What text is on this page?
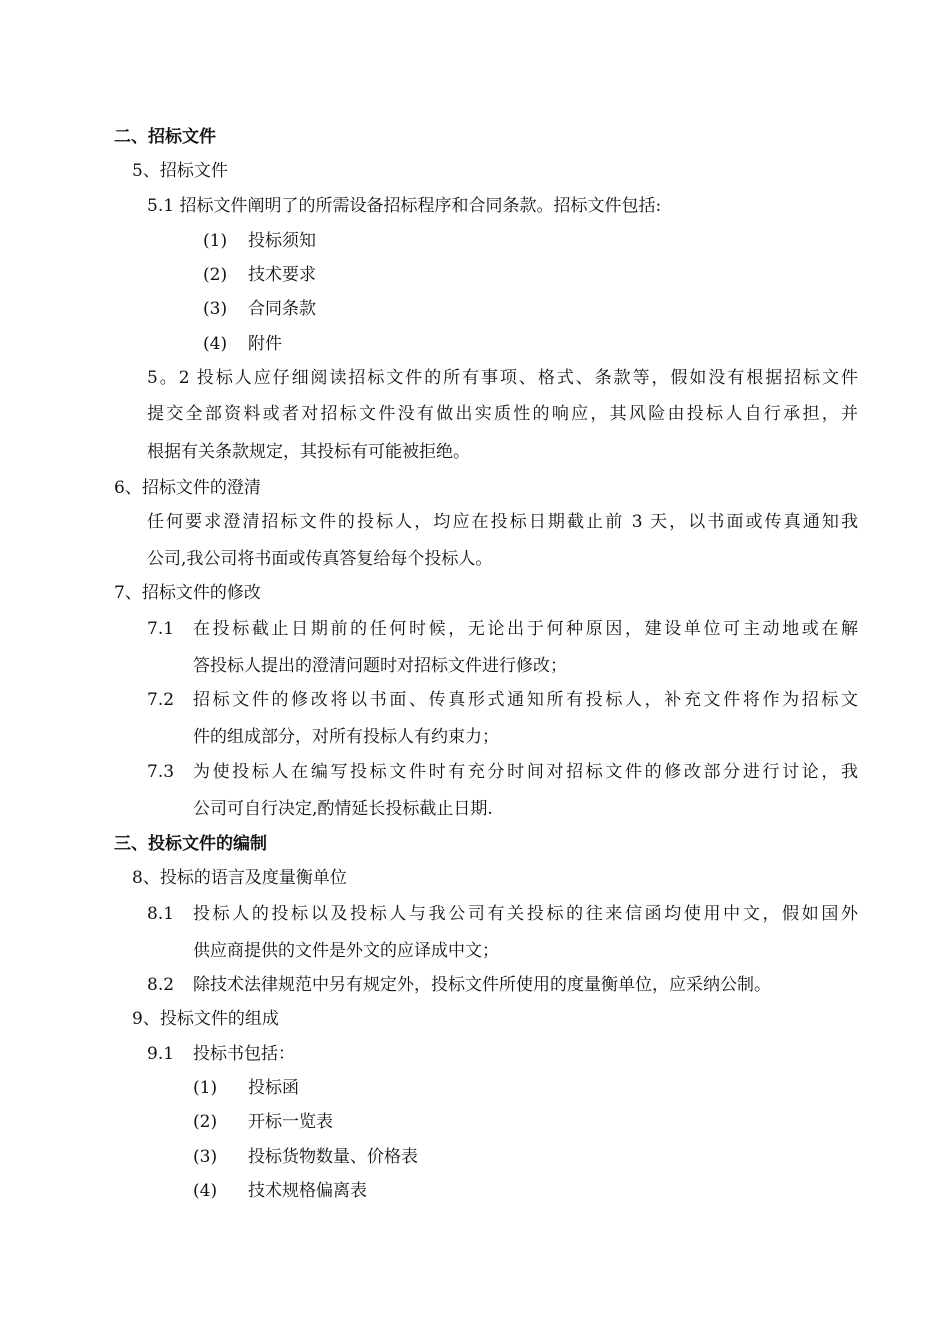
二、招标文件
5、招标文件
5.1 招标文件阐明了的所需设备招标程序和合同条款。招标文件包括:
(1) 投标须知
(2) 技术要求
(3) 合同条款
(4) 附件
5。2 投标人应仔细阅读招标文件的所有事项、格式、条款等，假如没有根据招标文件
提交全部资料或者对招标文件没有做出实质性的响应，其风险由投标人自行承担，并
根据有关条款规定，其投标有可能被拒绝。
6、招标文件的澄清
任何要求澄清招标文件的投标人，均应在投标日期截止前 3 天，以书面或传真通知我
公司,我公司将书面或传真答复给每个投标人。
7、招标文件的修改
7.1 在投标截止日期前的任何时候，无论出于何种原因，建设单位可主动地或在解
答投标人提出的澄清问题时对招标文件进行修改；
7.2 招标文件的修改将以书面、传真形式通知所有投标人，补充文件将作为招标文
件的组成部分，对所有投标人有约束力；
7.3 为使投标人在编写投标文件时有充分时间对招标文件的修改部分进行讨论，我
公司可自行决定,酌情延长投标截止日期.
三、投标文件的编制
8、投标的语言及度量衡单位
8.1 投标人的投标以及投标人与我公司有关投标的往来信函均使用中文，假如国外
供应商提供的文件是外文的应译成中文；
8.2 除技术法律规范中另有规定外，投标文件所使用的度量衡单位，应采纳公制。
9、投标文件的组成
9.1 投标书包括：
(1) 投标函
(2) 开标一览表
(3) 投标货物数量、价格表
(4) 技术规格偏离表
